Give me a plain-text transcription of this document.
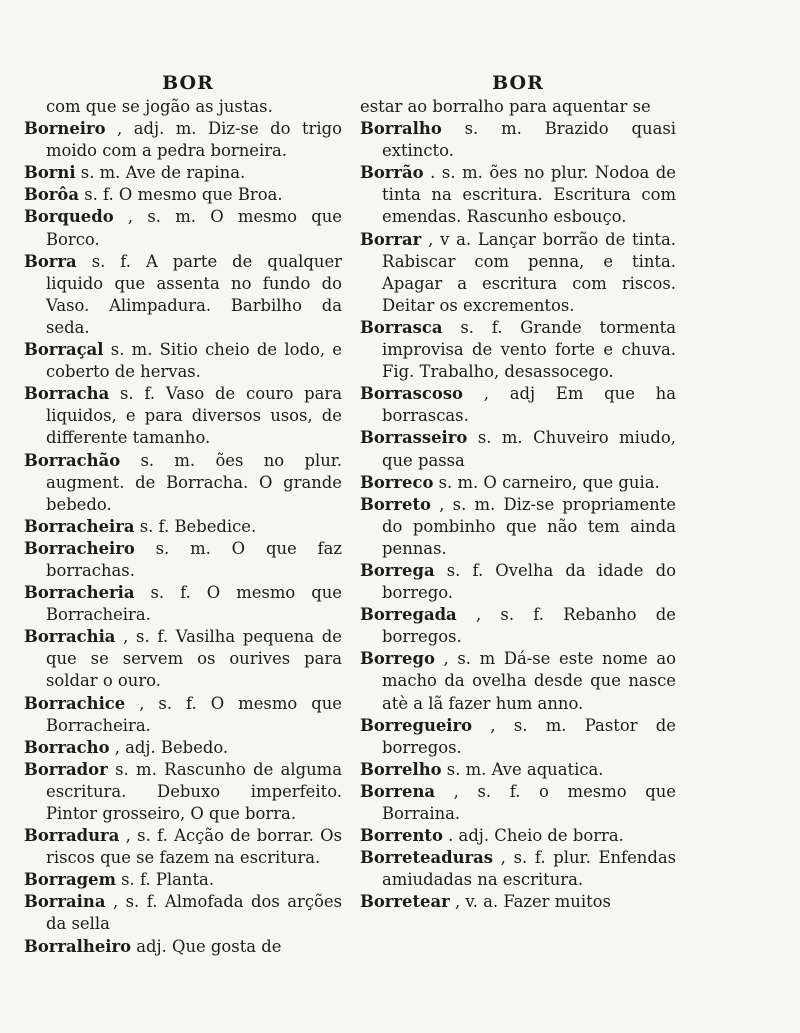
BOR

com que se jogão as justas.

Borneiro , adj. m. Diz-se do trigo moido com a pedra borneira.

Borni s. m. Ave de rapina.

Borôa s. f. O mesmo que Broa.

Borquedo , s. m. O mesmo que Borco.

Borra s. f. A parte de qualquer liquido que assenta no fundo do Vaso. Alimpadura. Barbilho da seda.

Borraçal s. m. Sitio cheio de lodo, e coberto de hervas.

Borracha s. f. Vaso de couro para liquidos, e para diversos usos, de differente tamanho.

Borrachão s. m. ões no plur. augment. de Borracha. O grande bebedo.

Borracheira s. f. Bebedice.

Borracheiro s. m. O que faz borrachas.

Borracheria s. f. O mesmo que Borracheira.

Borrachia , s. f. Vasilha pequena de que se servem os ourives para soldar o ouro.

Borrachice , s. f. O mesmo que Borracheira.

Borracho , adj. Bebedo.

Borrador s. m. Rascunho de alguma escritura. Debuxo imperfeito. Pintor grosseiro, O que borra.

Borradura , s. f. Acção de borrar. Os riscos que se fazem na escritura.

Borragem s. f. Planta.

Borraina , s. f. Almofada dos arções da sella

Borralheiro adj. Que gosta de

BOR

estar ao borralho para aquentar se

Borralho s. m. Brazido quasi extincto.

Borrão . s. m. ões no plur. Nodoa de tinta na escritura. Escritura com emendas. Rascunho esbouço.

Borrar , v a. Lançar borrão de tinta. Rabiscar com penna, e tinta. Apagar a escritura com riscos. Deitar os excrementos.

Borrasca s. f. Grande tormenta improvisa de vento forte e chuva. Fig. Trabalho, desassocego.

Borrascoso , adj Em que ha borrascas.

Borrasseiro s. m. Chuveiro miudo, que passa

Borreco s. m. O carneiro, que guia.

Borreto , s. m. Diz-se propriamente do pombinho que não tem ainda pennas.

Borrega s. f. Ovelha da idade do borrego.

Borregada , s. f. Rebanho de borregos.

Borrego , s. m Dá-se este nome ao macho da ovelha desde que nasce atè a lã fazer hum anno.

Borregueiro , s. m. Pastor de borregos.

Borrelho s. m. Ave aquatica.

Borrena , s. f. o mesmo que Borraina.

Borrento . adj. Cheio de borra.

Borreteaduras , s. f. plur. Enfendas amiudadas na escritura.

Borretear , v. a. Fazer muitos
